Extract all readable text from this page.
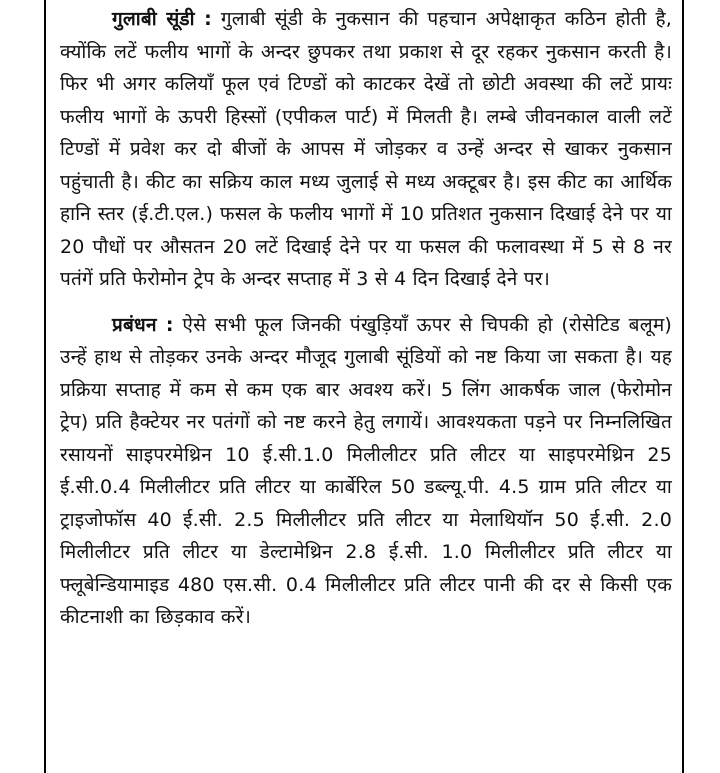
गुलाबी सूंडी : गुलाबी सूंडी के नुकसान की पहचान अपेक्षाकृत कठिन होती है, क्योंकि लटें फलीय भागों के अन्दर छुपकर तथा प्रकाश से दूर रहकर नुकसान करती है। फिर भी अगर कलियाँ फूल एवं टिण्डों को काटकर देखें तो छोटी अवस्था की लटें प्रायः फलीय भागों के ऊपरी हिस्सों (एपीकल पार्ट) में मिलती है। लम्बे जीवनकाल वाली लटें टिण्डों में प्रवेश कर दो बीजों के आपस में जोड़कर व उन्हें अन्दर से खाकर नुकसान पहुंचाती है। कीट का सक्रिय काल मध्य जुलाई से मध्य अक्टूबर है। इस कीट का आर्थिक हानि स्तर (ई.टी.एल.) फसल के फलीय भागों में 10 प्रतिशत नुकसान दिखाई देने पर या 20 पौधों पर औसतन 20 लटें दिखाई देने पर या फसल की फलावस्था में 5 से 8 नर पतंगें प्रति फेरोमोन ट्रेप के अन्दर सप्ताह में 3 से 4 दिन दिखाई देने पर।

प्रबंधन : ऐसे सभी फूल जिनकी पंखुड़ियाँ ऊपर से चिपकी हो (रोसेटिड बलूम) उन्हें हाथ से तोड़कर उनके अन्दर मौजूद गुलाबी सूंडियों को नष्ट किया जा सकता है। यह प्रक्रिया सप्ताह में कम से कम एक बार अवश्य करें। 5 लिंग आकर्षक जाल (फेरोमोन ट्रेप) प्रति हैक्टेयर नर पतंगों को नष्ट करने हेतु लगायें। आवश्यकता पड़ने पर निम्नलिखित रसायनों साइपरमेथ्रिन 10 ई.सी.1.0 मिलीलीटर प्रति लीटर या साइपरमेथ्रिन 25 ई.सी.0.4 मिलीलीटर प्रति लीटर या कार्बेरिल 50 डब्ल्यू.पी. 4.5 ग्राम प्रति लीटर या ट्राइजोफॉस 40 ई.सी. 2.5 मिलीलीटर प्रति लीटर या मेलाथियॉन 50 ई.सी. 2.0 मिलीलीटर प्रति लीटर या डेल्टामेथ्रिन 2.8 ई.सी. 1.0 मिलीलीटर प्रति लीटर या फ्लूबेन्डियामाइड 480 एस.सी. 0.4 मिलीलीटर प्रति लीटर पानी की दर से किसी एक कीटनाशी का छिड़काव करें।
